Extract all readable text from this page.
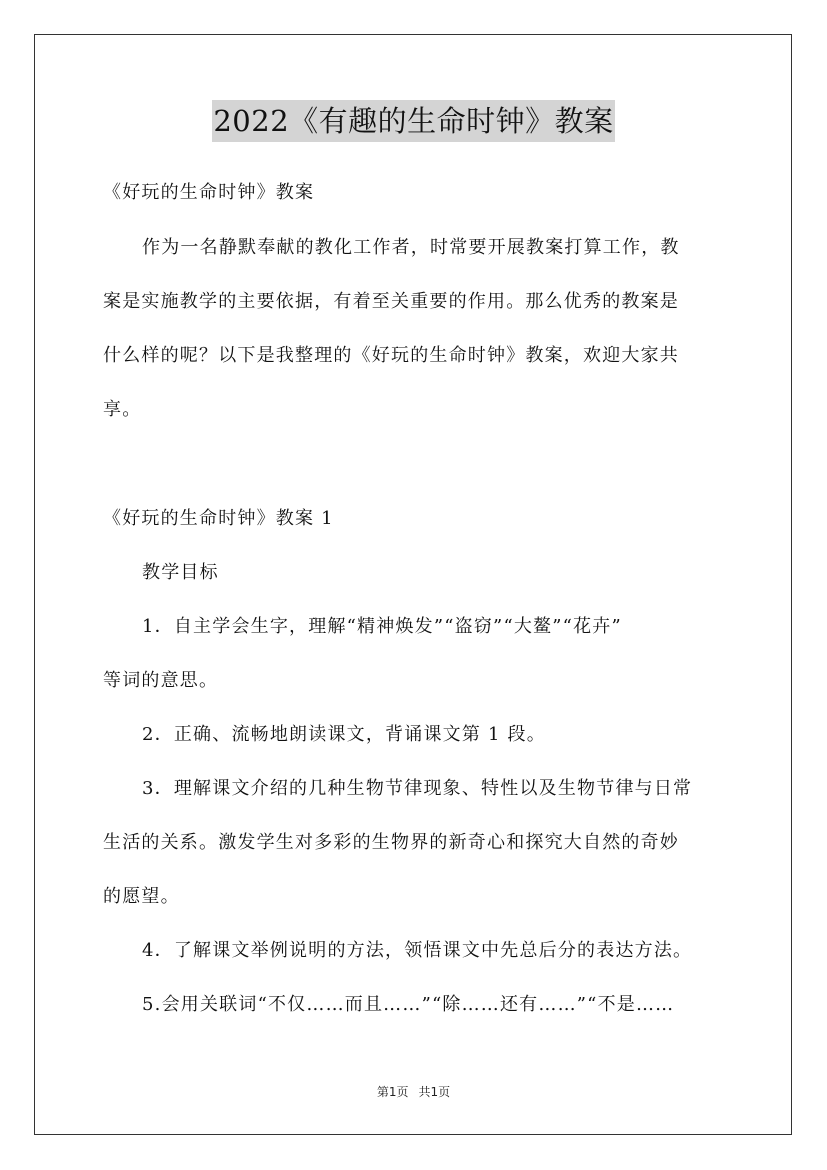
2022《有趣的生命时钟》教案
《好玩的生命时钟》教案
作为一名静默奉献的教化工作者，时常要开展教案打算工作，教
案是实施教学的主要依据，有着至关重要的作用。那么优秀的教案是
什么样的呢？以下是我整理的《好玩的生命时钟》教案，欢迎大家共
享。
《好玩的生命时钟》教案 1
教学目标
1．自主学会生字，理解“精神焕发”“盗窃”“大鳌”“花卉”
等词的意思。
2．正确、流畅地朗读课文，背诵课文第 1 段。
3．理解课文介绍的几种生物节律现象、特性以及生物节律与日常
生活的关系。激发学生对多彩的生物界的新奇心和探究大自然的奇妙
的愿望。
4．了解课文举例说明的方法，领悟课文中先总后分的表达方法。
5.会用关联词“不仅……而且……”“除……还有……”“不是……
第1页 共1页
